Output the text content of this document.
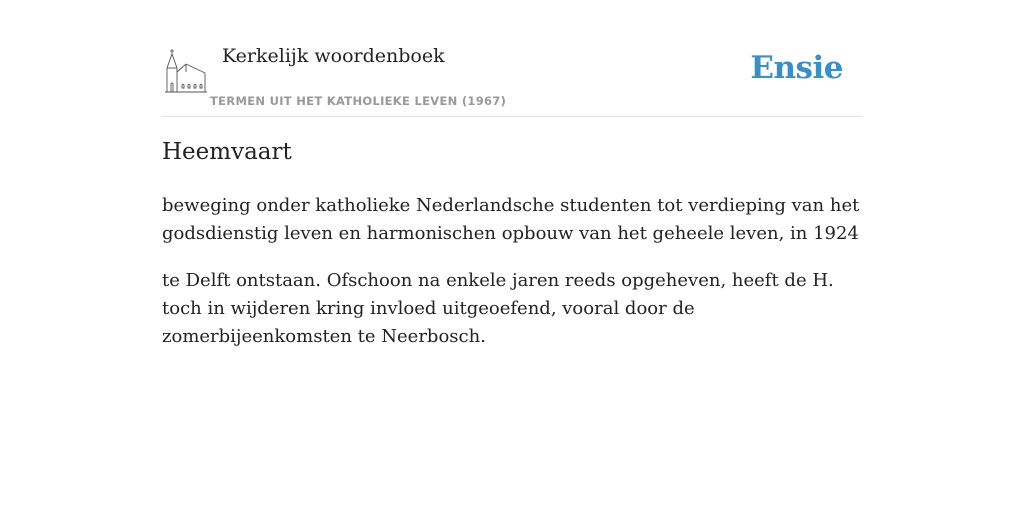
Kerkelijk woordenboek
TERMEN UIT HET KATHOLIEKE LEVEN (1967)
Ensie
Heemvaart

beweging onder katholieke Nederlandsche studenten tot verdieping van het godsdienstig leven en harmonischen opbouw van het geheele leven, in 1924

te Delft ontstaan. Ofschoon na enkele jaren reeds opgeheven, heeft de H. toch in wijderen kring invloed uitgeoefend, vooral door de zomerbijeenkomsten te Neerbosch.
